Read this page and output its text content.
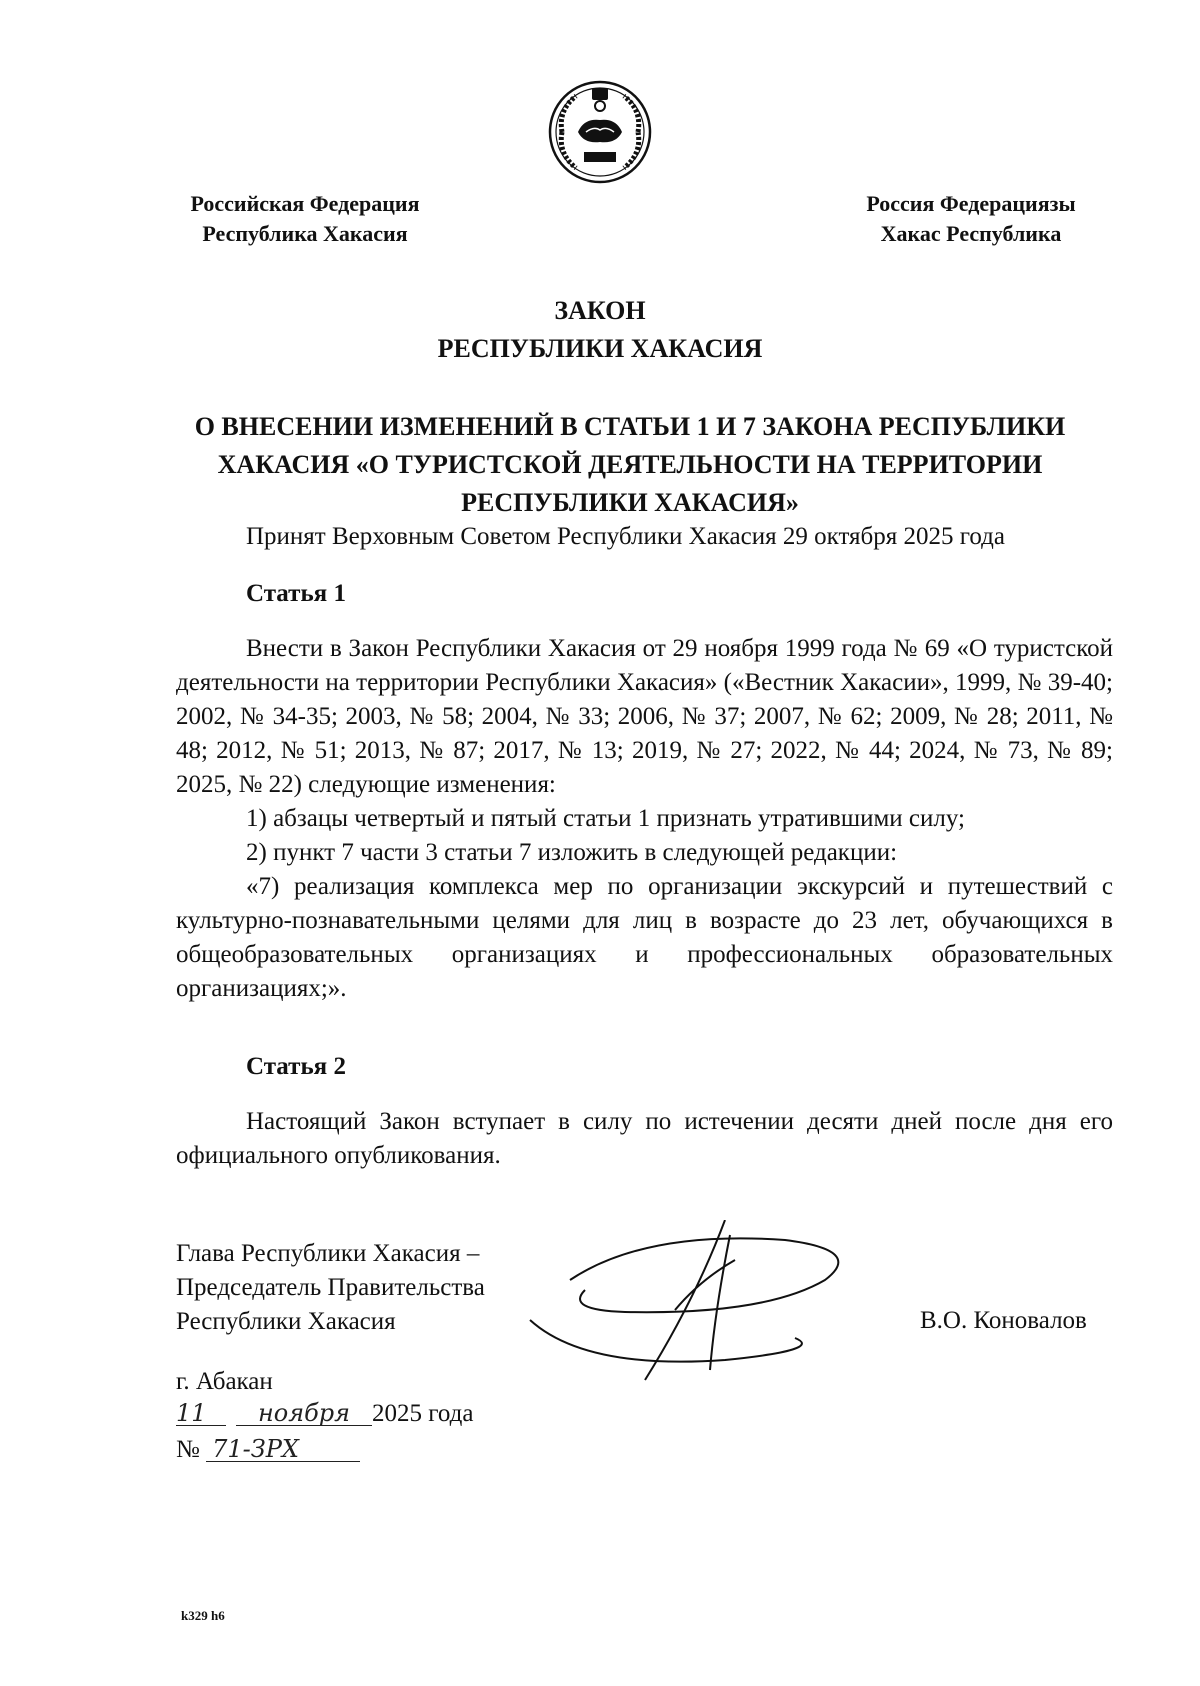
Российская Федерация
Республика Хакасия
Россия Федерациязы
Хакас Республика
ЗАКОН
РЕСПУБЛИКИ ХАКАСИЯ
О ВНЕСЕНИИ ИЗМЕНЕНИЙ В СТАТЬИ 1 И 7 ЗАКОНА РЕСПУБЛИКИ ХАКАСИЯ «О ТУРИСТСКОЙ ДЕЯТЕЛЬНОСТИ НА ТЕРРИТОРИИ РЕСПУБЛИКИ ХАКАСИЯ»
Принят Верховным Советом Республики Хакасия 29 октября 2025 года
Статья 1

Внести в Закон Республики Хакасия от 29 ноября 1999 года № 69 «О туристской деятельности на территории Республики Хакасия» («Вестник Хакасии», 1999, № 39-40; 2002, № 34-35; 2003, № 58; 2004, № 33; 2006, № 37; 2007, № 62; 2009, № 28; 2011, № 48; 2012, № 51; 2013, № 87; 2017, № 13; 2019, № 27; 2022, № 44; 2024, № 73, № 89; 2025, № 22) следующие изменения:

1) абзацы четвертый и пятый статьи 1 признать утратившими силу;

2) пункт 7 части 3 статьи 7 изложить в следующей редакции:

«7) реализация комплекса мер по организации экскурсий и путешествий с культурно-познавательными целями для лиц в возрасте до 23 лет, обучающихся в общеобразовательных организациях и профессиональных образовательных организациях;».

Статья 2

Настоящий Закон вступает в силу по истечении десяти дней после дня его официального опубликования.

Глава Республики Хакасия –
Председатель Правительства
Республики Хакасия	В.О. Коновалов
г. Абакан
11 ноября 2025 года
№ 71-ЗРХ
k329 h6
